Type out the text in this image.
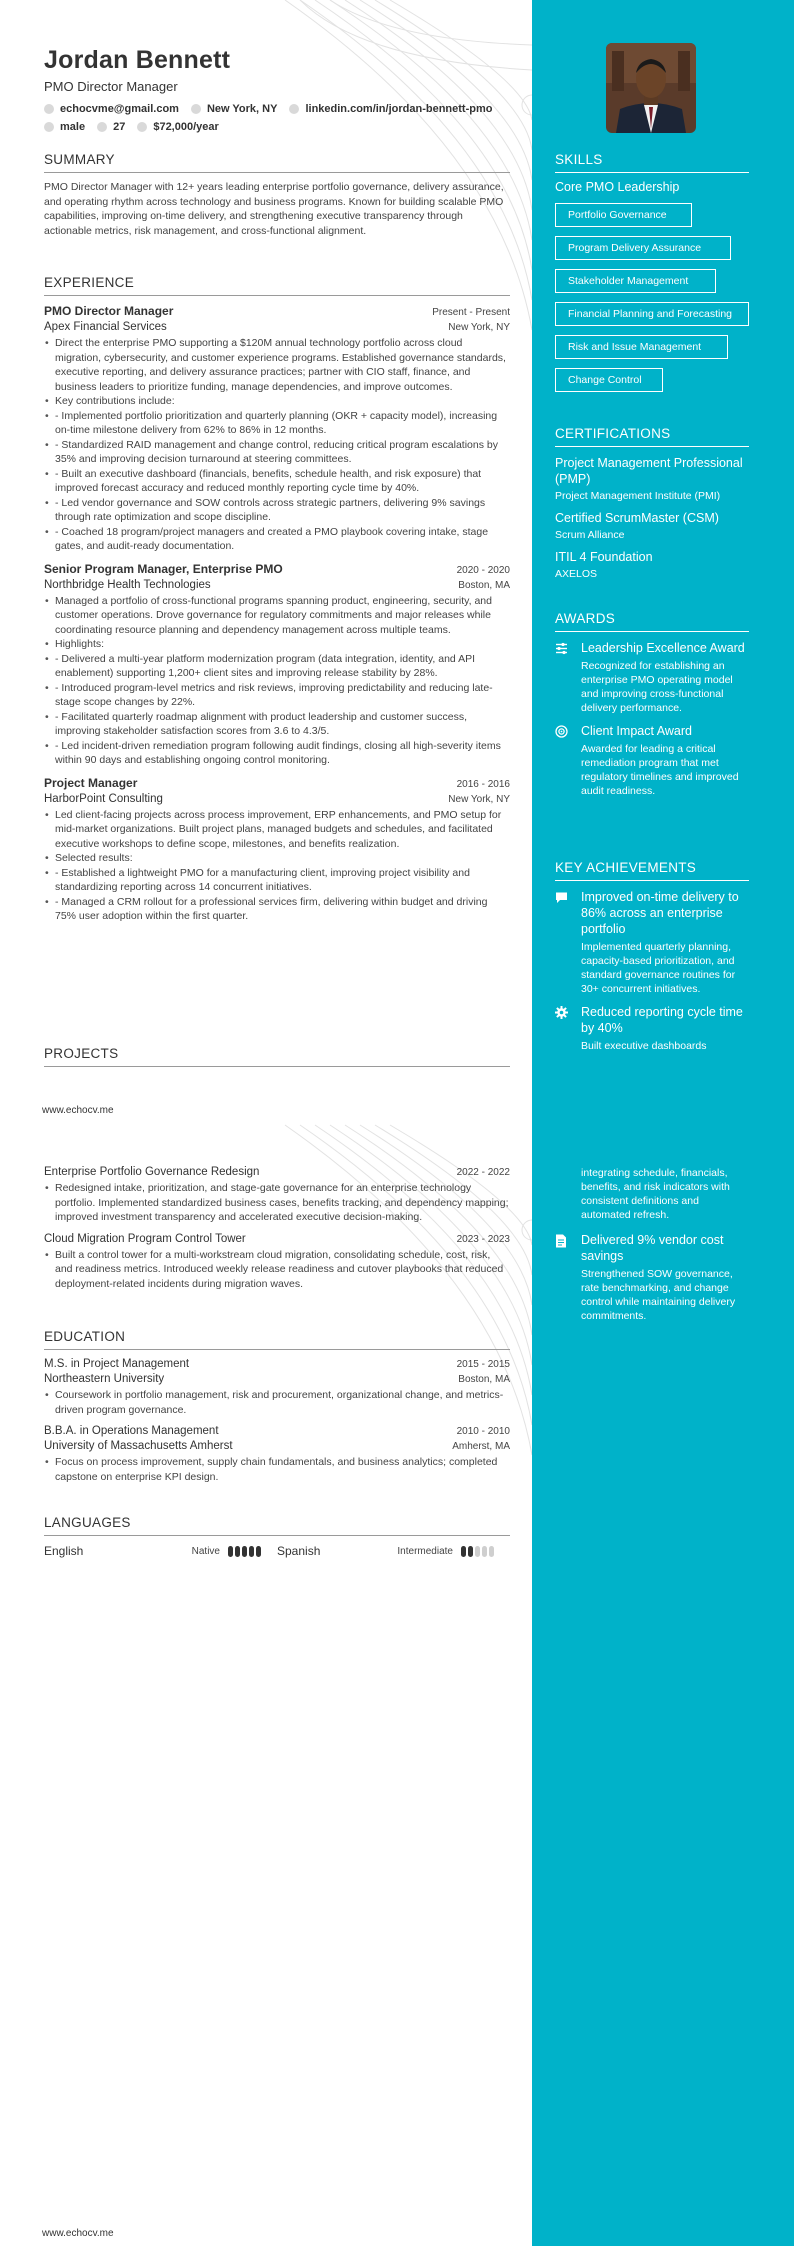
Jordan Bennett
PMO Director Manager
echocvme@gmail.com	New York, NY	linkedin.com/in/jordan-bennett-pmo
male	27	$72,000/year
SUMMARY
PMO Director Manager with 12+ years leading enterprise portfolio governance, delivery assurance, and operating rhythm across technology and business programs. Known for building scalable PMO capabilities, improving on-time delivery, and strengthening executive transparency through actionable metrics, risk management, and cross-functional alignment.
EXPERIENCE
PMO Director Manager	Present - Present
Apex Financial Services	New York, NY
• Direct the enterprise PMO supporting a $120M annual technology portfolio across cloud migration, cybersecurity, and customer experience programs. Established governance standards, executive reporting, and delivery assurance practices; partner with CIO staff, finance, and business leaders to prioritize funding, manage dependencies, and improve outcomes.
• Key contributions include:
• - Implemented portfolio prioritization and quarterly planning (OKR + capacity model), increasing on-time milestone delivery from 62% to 86% in 12 months.
• - Standardized RAID management and change control, reducing critical program escalations by 35% and improving decision turnaround at steering committees.
• - Built an executive dashboard (financials, benefits, schedule health, and risk exposure) that improved forecast accuracy and reduced monthly reporting cycle time by 40%.
• - Led vendor governance and SOW controls across strategic partners, delivering 9% savings through rate optimization and scope discipline.
• - Coached 18 program/project managers and created a PMO playbook covering intake, stage gates, and audit-ready documentation.
Senior Program Manager, Enterprise PMO	2020 - 2020
Northbridge Health Technologies	Boston, MA
• Managed a portfolio of cross-functional programs spanning product, engineering, security, and customer operations. Drove governance for regulatory commitments and major releases while coordinating resource planning and dependency management across multiple teams.
• Highlights:
• - Delivered a multi-year platform modernization program (data integration, identity, and API enablement) supporting 1,200+ client sites and improving release stability by 28%.
• - Introduced program-level metrics and risk reviews, improving predictability and reducing late-stage scope changes by 22%.
• - Facilitated quarterly roadmap alignment with product leadership and customer success, improving stakeholder satisfaction scores from 3.6 to 4.3/5.
• - Led incident-driven remediation program following audit findings, closing all high-severity items within 90 days and establishing ongoing control monitoring.
Project Manager	2016 - 2016
HarborPoint Consulting	New York, NY
• Led client-facing projects across process improvement, ERP enhancements, and PMO setup for mid-market organizations. Built project plans, managed budgets and schedules, and facilitated executive workshops to define scope, milestones, and benefits realization.
• Selected results:
• - Established a lightweight PMO for a manufacturing client, improving project visibility and standardizing reporting across 14 concurrent initiatives.
• - Managed a CRM rollout for a professional services firm, delivering within budget and driving 75% user adoption within the first quarter.
PROJECTS
www.echocv.me
Enterprise Portfolio Governance Redesign	2022 - 2022
• Redesigned intake, prioritization, and stage-gate governance for an enterprise technology portfolio. Implemented standardized business cases, benefits tracking, and dependency mapping; improved investment transparency and accelerated executive decision-making.
Cloud Migration Program Control Tower	2023 - 2023
• Built a control tower for a multi-workstream cloud migration, consolidating schedule, cost, risk, and readiness metrics. Introduced weekly release readiness and cutover playbooks that reduced deployment-related incidents during migration waves.
EDUCATION
M.S. in Project Management	2015 - 2015
Northeastern University	Boston, MA
• Coursework in portfolio management, risk and procurement, organizational change, and metrics-driven program governance.
B.B.A. in Operations Management	2010 - 2010
University of Massachusetts Amherst	Amherst, MA
• Focus on process improvement, supply chain fundamentals, and business analytics; completed capstone on enterprise KPI design.
LANGUAGES
English	Native	Spanish	Intermediate
www.echocv.me
SKILLS
Core PMO Leadership
Portfolio Governance
Program Delivery Assurance
Stakeholder Management
Financial Planning and Forecasting
Risk and Issue Management
Change Control
CERTIFICATIONS
Project Management Professional (PMP)
Project Management Institute (PMI)
Certified ScrumMaster (CSM)
Scrum Alliance
ITIL 4 Foundation
AXELOS
AWARDS
Leadership Excellence Award
Recognized for establishing an enterprise PMO operating model and improving cross-functional delivery performance.
Client Impact Award
Awarded for leading a critical remediation program that met regulatory timelines and improved audit readiness.
KEY ACHIEVEMENTS
Improved on-time delivery to 86% across an enterprise portfolio
Implemented quarterly planning, capacity-based prioritization, and standard governance routines for 30+ concurrent initiatives.
Reduced reporting cycle time by 40%
Built executive dashboards
integrating schedule, financials, benefits, and risk indicators with consistent definitions and automated refresh.
Delivered 9% vendor cost savings
Strengthened SOW governance, rate benchmarking, and change control while maintaining delivery commitments.
